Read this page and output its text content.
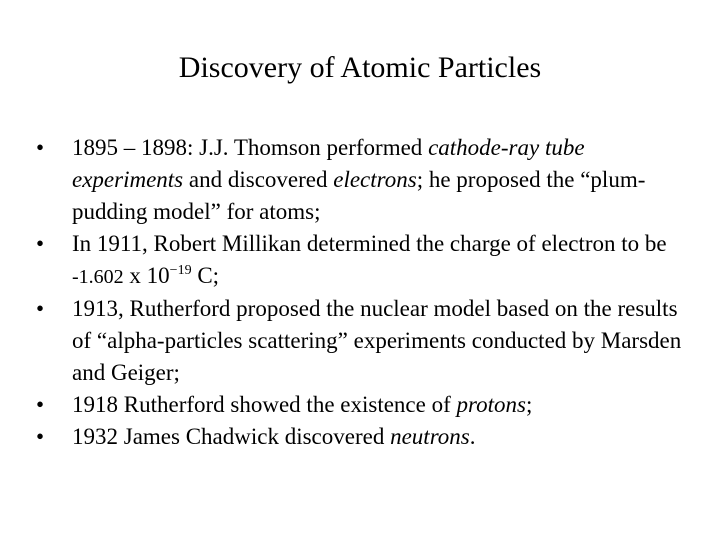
Discovery of Atomic Particles
• 1895 – 1898: J.J. Thomson performed cathode-ray tube experiments and discovered electrons; he proposed the “plum-pudding model” for atoms;
• In 1911, Robert Millikan determined the charge of electron to be -1.602 x $10^{-19}$ C;
• 1913, Rutherford proposed the nuclear model based on the results of “alpha-particles scattering” experiments conducted by Marsden and Geiger;
• 1918 Rutherford showed the existence of protons;
• 1932 James Chadwick discovered neutrons.
